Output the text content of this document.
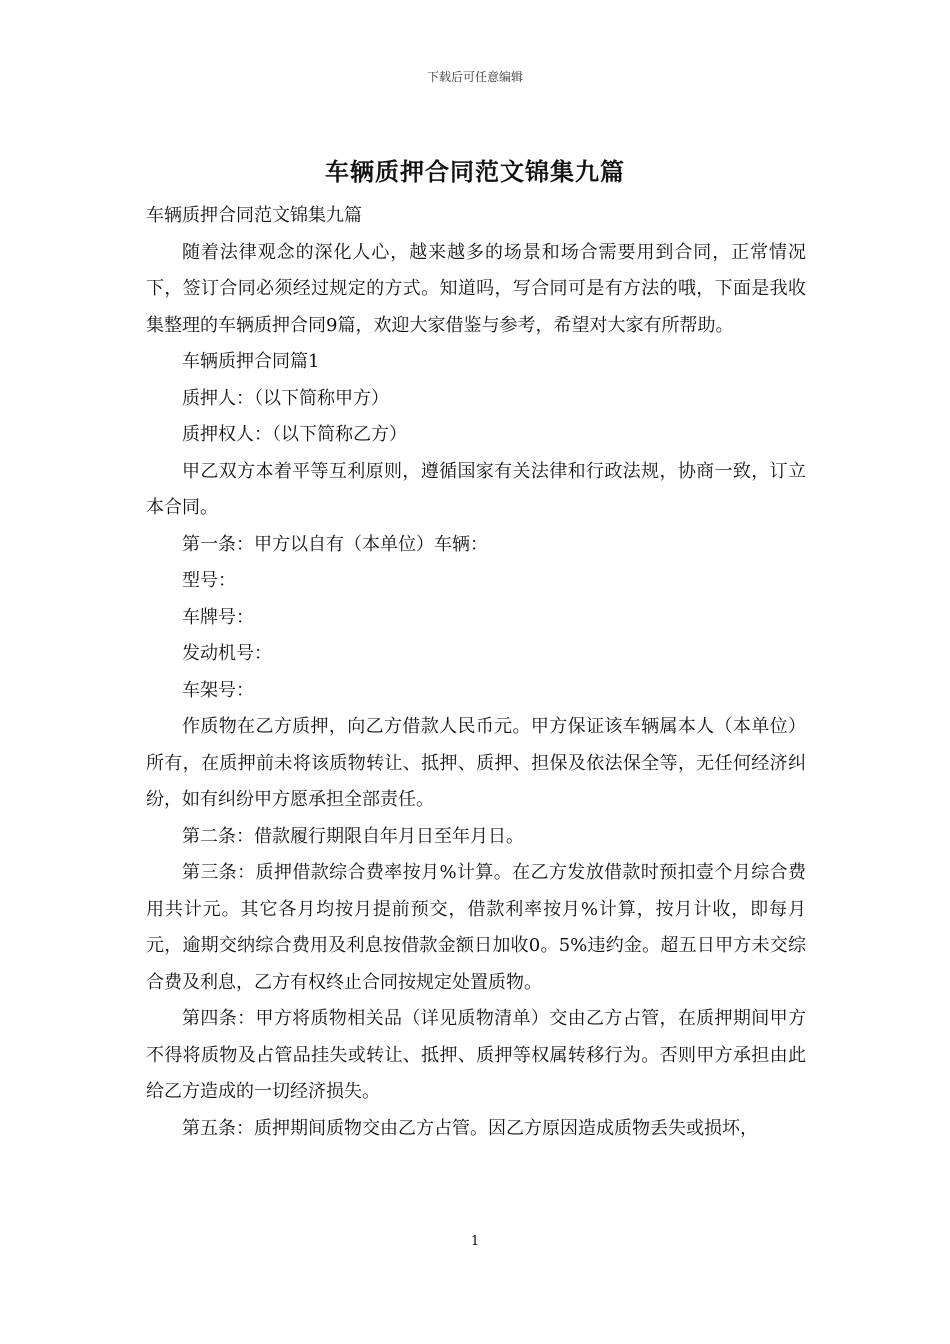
下载后可任意编辑
车辆质押合同范文锦集九篇

车辆质押合同范文锦集九篇

随着法律观念的深化人心，越来越多的场景和场合需要用到合同，正常情况下，签订合同必须经过规定的方式。知道吗，写合同可是有方法的哦，下面是我收集整理的车辆质押合同9篇，欢迎大家借鉴与参考，希望对大家有所帮助。

车辆质押合同篇1

质押人：（以下简称甲方）

质押权人：（以下简称乙方）

甲乙双方本着平等互利原则，遵循国家有关法律和行政法规，协商一致，订立本合同。

第一条：甲方以自有（本单位）车辆：

型号：

车牌号：

发动机号：

车架号：

作质物在乙方质押，向乙方借款人民币元。甲方保证该车辆属本人（本单位）所有，在质押前未将该质物转让、抵押、质押、担保及依法保全等，无任何经济纠纷，如有纠纷甲方愿承担全部责任。

第二条：借款履行期限自年月日至年月日。

第三条：质押借款综合费率按月%计算。在乙方发放借款时预扣壹个月综合费用共计元。其它各月均按月提前预交，借款利率按月%计算，按月计收，即每月元，逾期交纳综合费用及利息按借款金额日加收0。5%违约金。超五日甲方未交综合费及利息，乙方有权终止合同按规定处置质物。

第四条：甲方将质物相关品（详见质物清单）交由乙方占管，在质押期间甲方不得将质物及占管品挂失或转让、抵押、质押等权属转移行为。否则甲方承担由此给乙方造成的一切经济损失。

第五条：质押期间质物交由乙方占管。因乙方原因造成质物丢失或损坏，

1
